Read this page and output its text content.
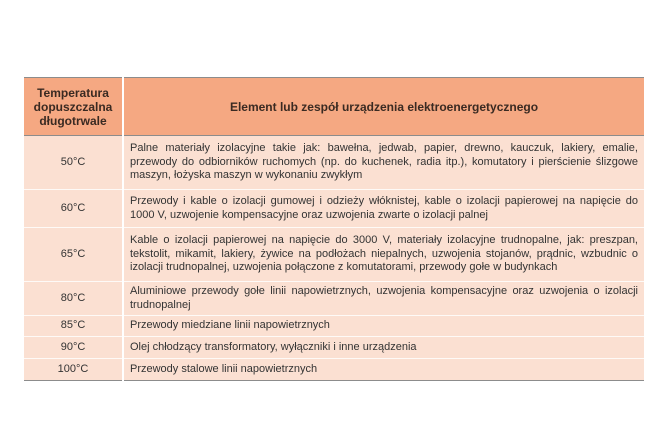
Temperatura dopuszczalna długotrwale	Element lub zespół urządzenia elektroenergetycznego
50°C	Palne materiały izolacyjne takie jak: bawełna, jedwab, papier, drewno, kauczuk, lakiery, emalie, przewody do odbiorników ruchomych (np. do kuchenek, radia itp.), komutatory i pierścienie ślizgowe maszyn, łożyska maszyn w wykonaniu zwykłym
60°C	Przewody i kable o izolacji gumowej i odzieży włóknistej, kable o izolacji papierowej na napięcie do 1000 V, uzwojenie kompensacyjne oraz uzwojenia zwarte o izolacji palnej
65°C	Kable o izolacji papierowej na napięcie do 3000 V, materiały izolacyjne trudnopalne, jak: preszpan, tekstolit, mikamit, lakiery, żywice na podłożach niepalnych, uzwojenia stojanów, prądnic, wzbudnic o izolacji trudnopalnej, uzwojenia połączone z komutatorami, przewody gołe w budynkach
80°C	Aluminiowe przewody gołe linii napowietrznych, uzwojenia kompensacyjne oraz uzwojenia o izolacji trudnopalnej
85°C	Przewody miedziane linii napowietrznych
90°C	Olej chłodzący transformatory, wyłączniki i inne urządzenia
100°C	Przewody stalowe linii napowietrznych
